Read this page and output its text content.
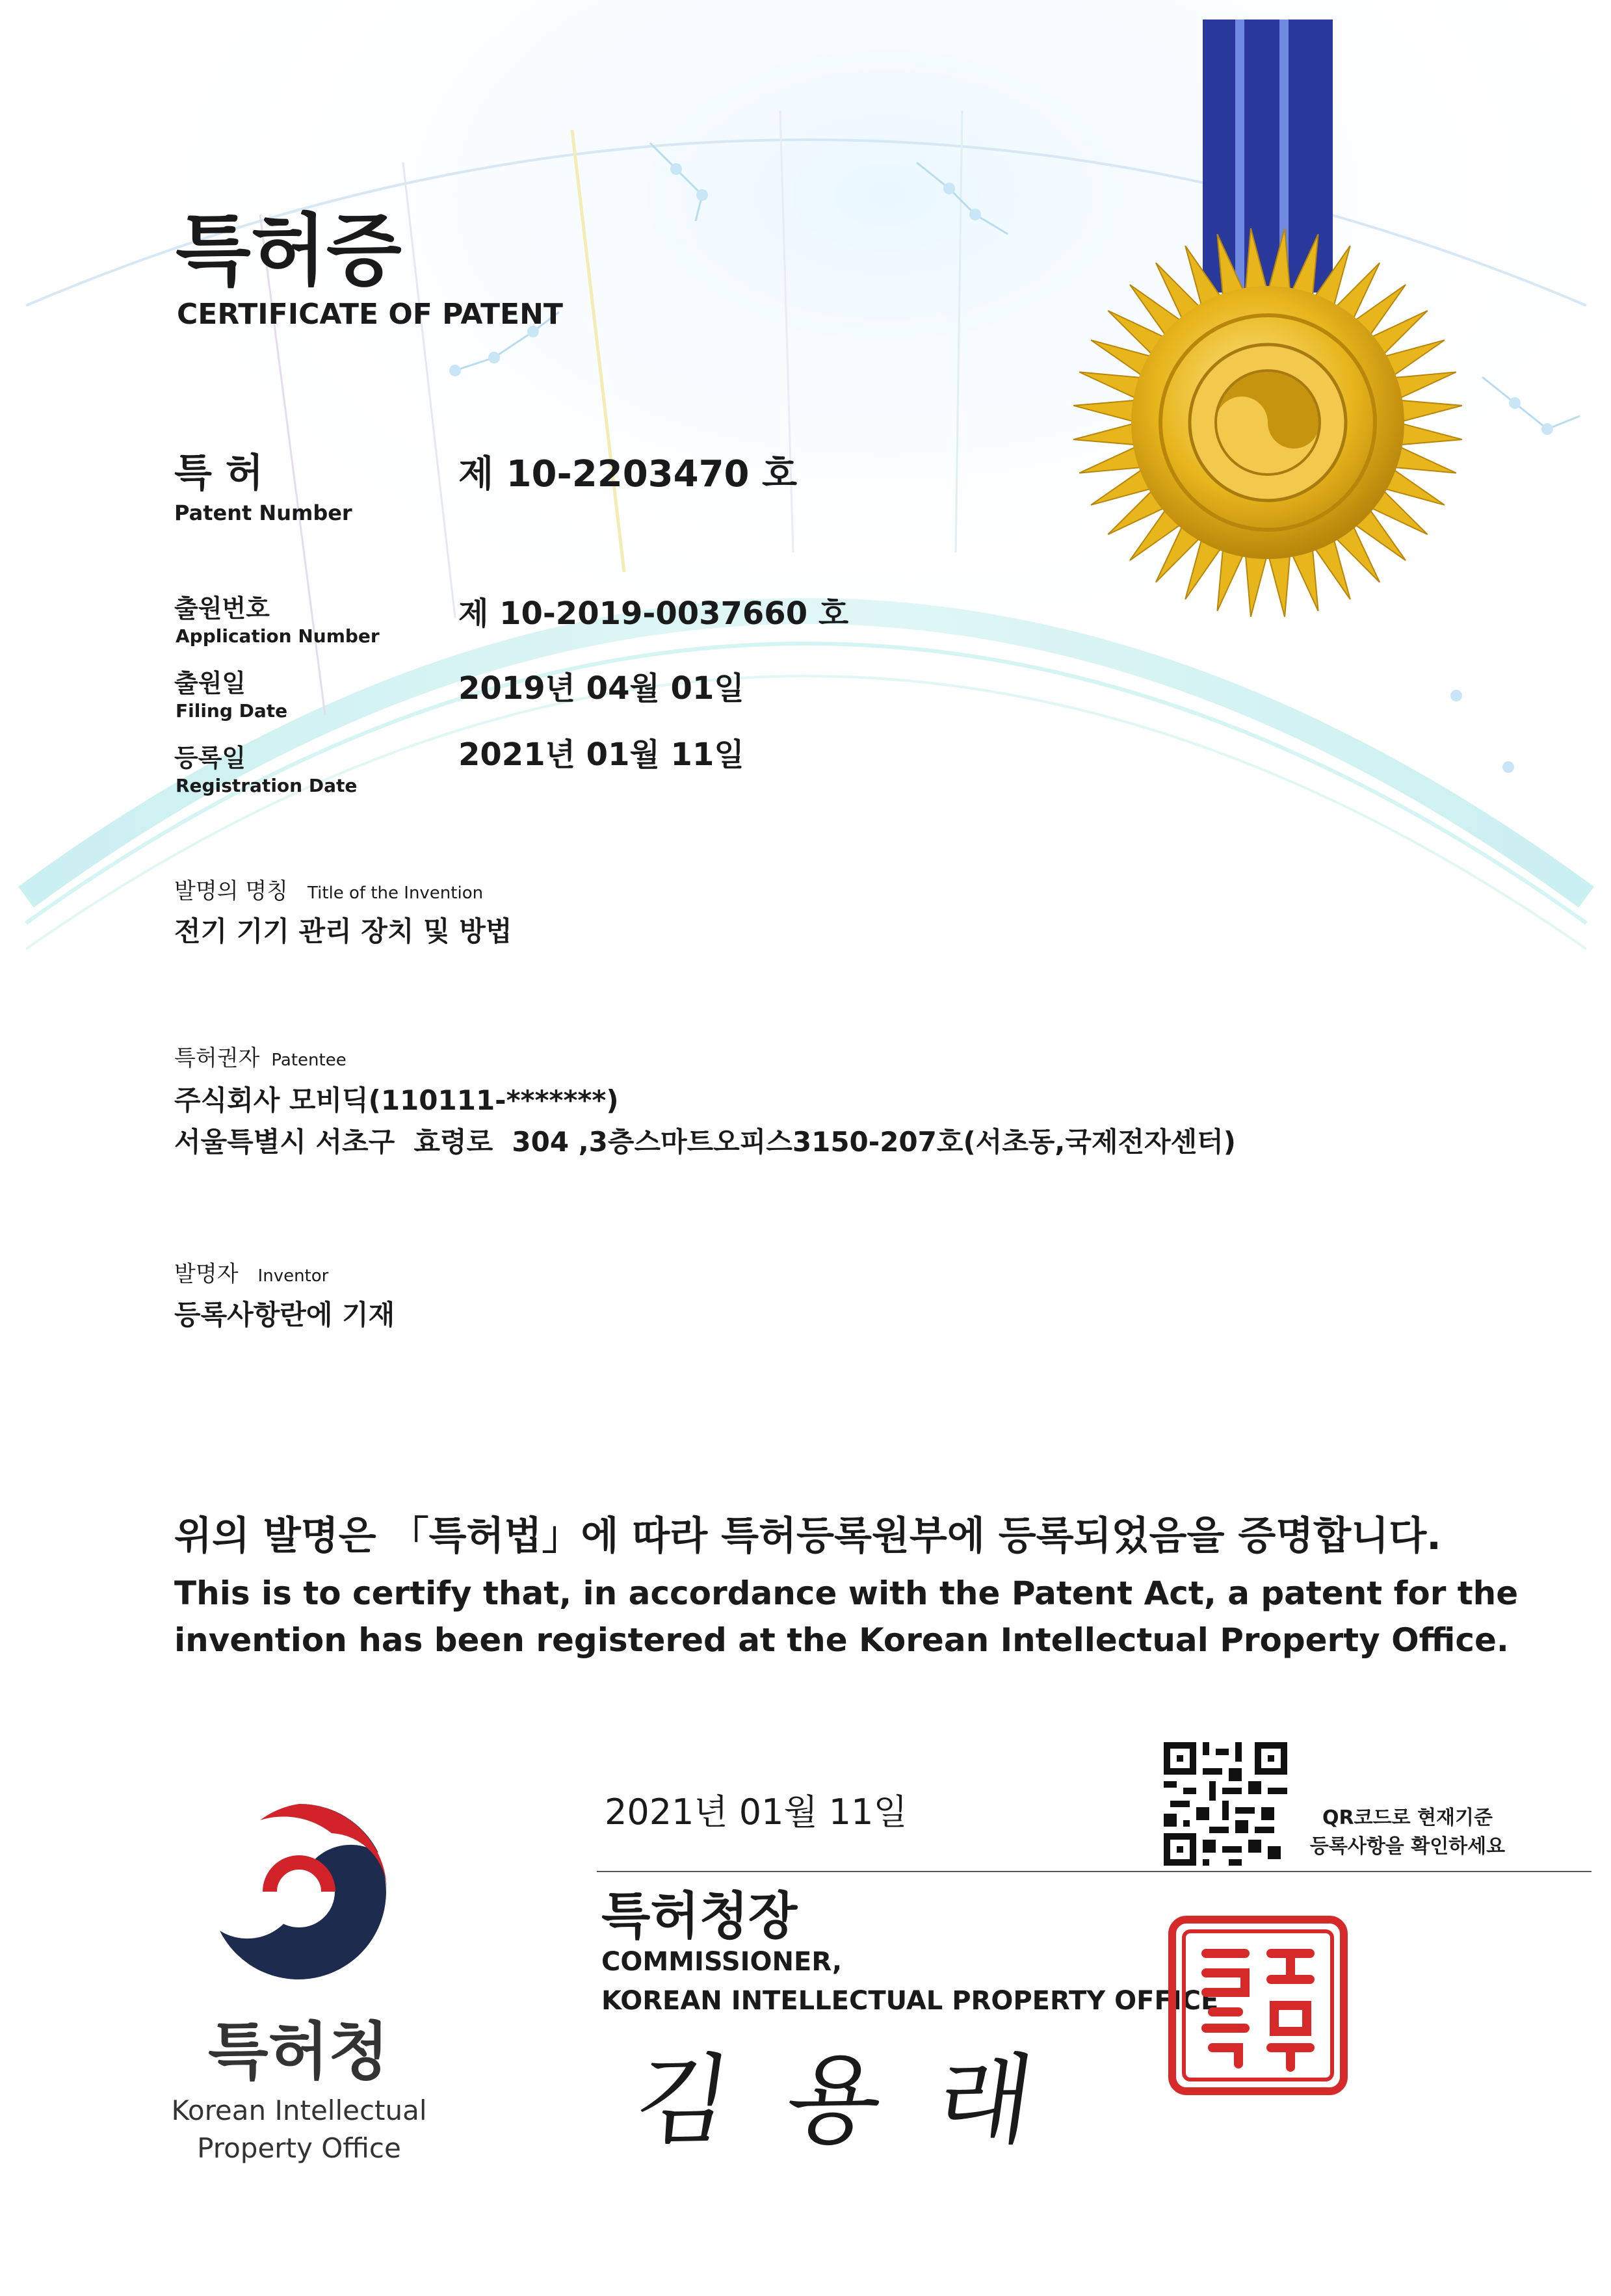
특허증
CERTIFICATE OF PATENT
특 허
Patent Number
제 10-2203470 호
출원번호
Application Number
제 10-2019-0037660 호
출원일
Filing Date
2019년 04월 01일
등록일
Registration Date
2021년 01월 11일
발명의 명칭 Title of the Invention
전기 기기 관리 장치 및 방법
특허권자 Patentee
주식회사 모비딕(110111-*******)
서울특별시 서초구  효령로  304 ,3층스마트오피스3150-207호(서초동,국제전자센터)
발명자 Inventor
등록사항란에 기재
위의 발명은 「특허법」에 따라 특허등록원부에 등록되었음을 증명합니다.
This is to certify that, in accordance with the Patent Act, a patent for the
invention has been registered at the Korean Intellectual Property Office.
2021년 01월 11일	QR코드로 현재기준
등록사항을 확인하세요
특허청장
COMMISSIONER,
KOREAN INTELLECTUAL PROPERTY OFFICE
김 용 래
특허청
Korean Intellectual
Property Office
